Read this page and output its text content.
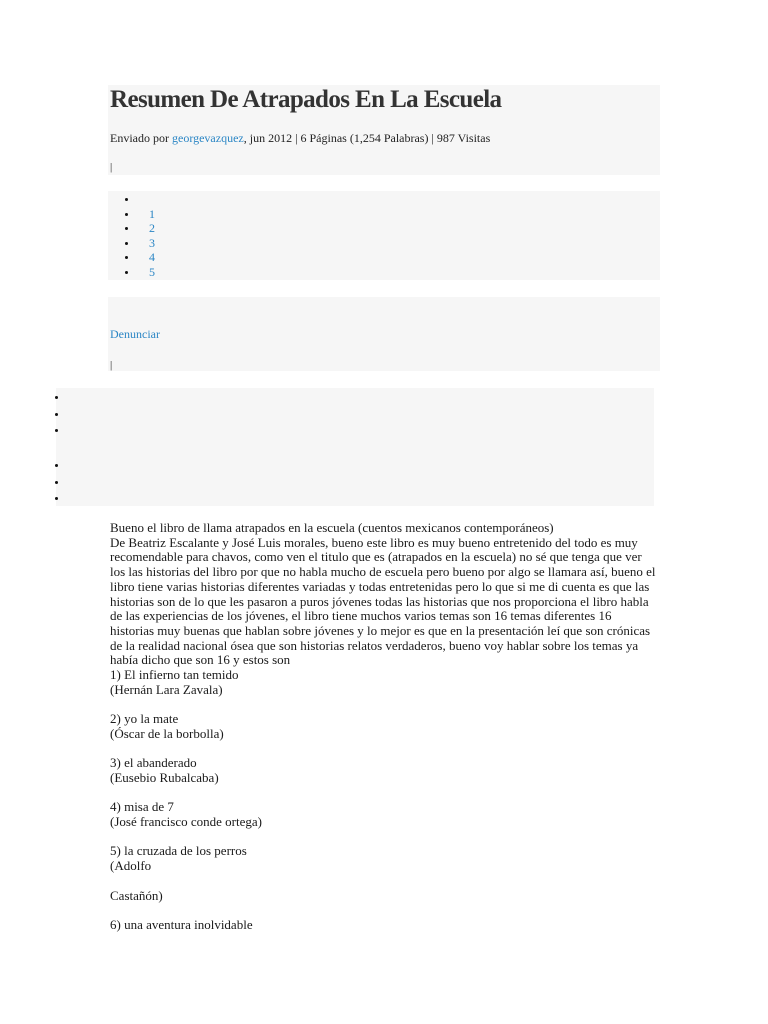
Resumen De Atrapados En La Escuela
Enviado por georgevazquez, jun 2012 | 6 Páginas (1,254 Palabras) | 987 Visitas
|
•
• 1
• 2
• 3
• 4
• 5
Denunciar
|
•
•
•
•
•
•

Bueno el libro de llama atrapados en la escuela (cuentos mexicanos contemporáneos)

De Beatriz Escalante y José Luis morales, bueno este libro es muy bueno entretenido del todo es muy recomendable para chavos, como ven el titulo que es (atrapados en la escuela) no sé que tenga que ver los las historias del libro por que no habla mucho de escuela pero bueno por algo se llamara así, bueno el libro tiene varias historias diferentes variadas y todas entretenidas pero lo que si me di cuenta es que las historias son de lo que les pasaron a puros jóvenes todas las historias que nos proporciona el libro habla de las experiencias de los jóvenes, el libro tiene muchos varios temas son 16 temas diferentes 16 historias muy buenas que hablan sobre jóvenes y lo mejor es que en la presentación leí que son crónicas de la realidad nacional ósea que son historias relatos verdaderos, bueno voy hablar sobre los temas ya había dicho que son 16 y estos son

1) El infierno tan temido
(Hernán Lara Zavala)
2) yo la mate
(Óscar de la borbolla)
3) el abanderado
(Eusebio Rubalcaba)
4) misa de 7
(José francisco conde ortega)
5) la cruzada de los perros
(Adolfo
Castañón)
6) una aventura inolvidable
